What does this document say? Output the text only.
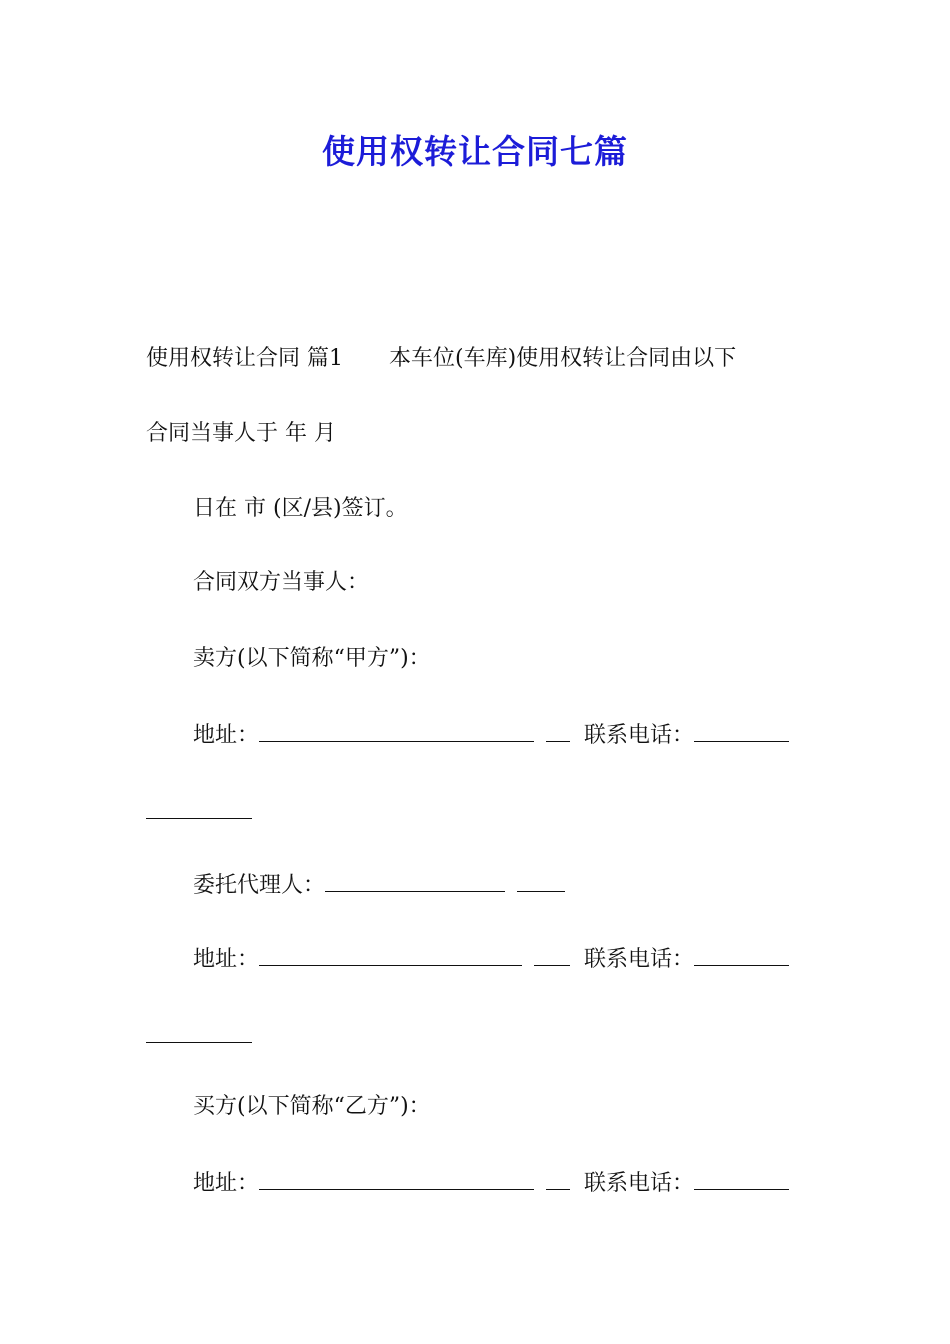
使用权转让合同七篇
使用权转让合同 篇1 本车位(车库)使用权转让合同由以下
合同当事人于 年 月
日在 市 (区/县)签订。
合同双方当事人：
卖方(以下简称“甲方”)：
地址：	联系电话：
委托代理人：
地址：	联系电话：
买方(以下简称“乙方”)：
地址：	联系电话：
